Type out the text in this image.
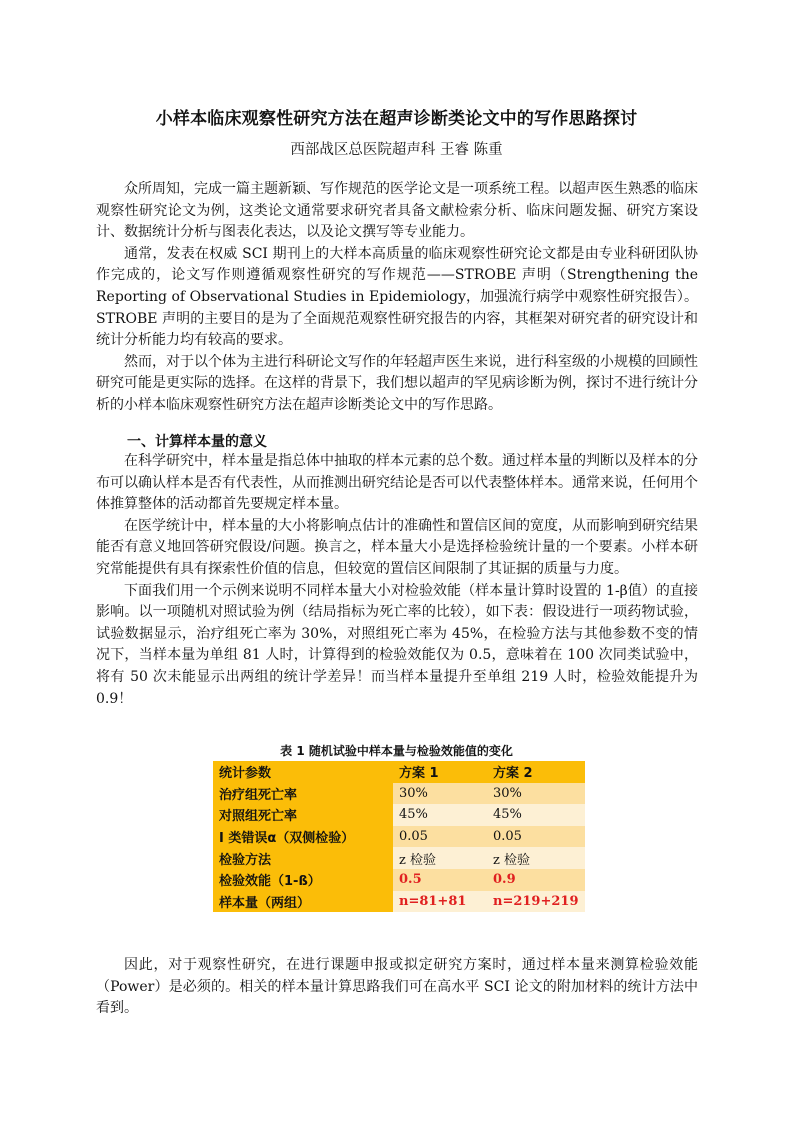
小样本临床观察性研究方法在超声诊断类论文中的写作思路探讨
西部战区总医院超声科 王睿 陈重

众所周知，完成一篇主题新颖、写作规范的医学论文是一项系统工程。以超声医生熟悉的临床观察性研究论文为例，这类论文通常要求研究者具备文献检索分析、临床问题发掘、研究方案设计、数据统计分析与图表化表达，以及论文撰写等专业能力。

通常，发表在权威 SCI 期刊上的大样本高质量的临床观察性研究论文都是由专业科研团队协作完成的，论文写作则遵循观察性研究的写作规范——STROBE 声明（Strengthening the Reporting of Observational Studies in Epidemiology，加强流行病学中观察性研究报告）。STROBE 声明的主要目的是为了全面规范观察性研究报告的内容，其框架对研究者的研究设计和统计分析能力均有较高的要求。

然而，对于以个体为主进行科研论文写作的年轻超声医生来说，进行科室级的小规模的回顾性研究可能是更实际的选择。在这样的背景下，我们想以超声的罕见病诊断为例，探讨不进行统计分析的小样本临床观察性研究方法在超声诊断类论文中的写作思路。

一、计算样本量的意义

在科学研究中，样本量是指总体中抽取的样本元素的总个数。通过样本量的判断以及样本的分布可以确认样本是否有代表性，从而推测出研究结论是否可以代表整体样本。通常来说，任何用个体推算整体的活动都首先要规定样本量。

在医学统计中，样本量的大小将影响点估计的准确性和置信区间的宽度，从而影响到研究结果能否有意义地回答研究假设/问题。换言之，样本量大小是选择检验统计量的一个要素。小样本研究常能提供有具有探索性价值的信息，但较宽的置信区间限制了其证据的质量与力度。

下面我们用一个示例来说明不同样本量大小对检验效能（样本量计算时设置的 1-β值）的直接影响。以一项随机对照试验为例（结局指标为死亡率的比较），如下表：假设进行一项药物试验，试验数据显示，治疗组死亡率为 30%，对照组死亡率为 45%，在检验方法与其他参数不变的情况下，当样本量为单组 81 人时，计算得到的检验效能仅为 0.5，意味着在 100 次同类试验中，将有 50 次未能显示出两组的统计学差异！而当样本量提升至单组 219 人时，检验效能提升为 0.9！

表 1 随机试验中样本量与检验效能值的变化
统计参数	方案 1	方案 2
治疗组死亡率	30%	30%
对照组死亡率	45%	45%
I 类错误α（双侧检验）	0.05	0.05
检验方法	z 检验	z 检验
检验效能（1-ß）	0.5	0.9
样本量（两组）	n=81+81	n=219+219

因此，对于观察性研究，在进行课题申报或拟定研究方案时，通过样本量来测算检验效能（Power）是必须的。相关的样本量计算思路我们可在高水平 SCI 论文的附加材料的统计方法中看到。
